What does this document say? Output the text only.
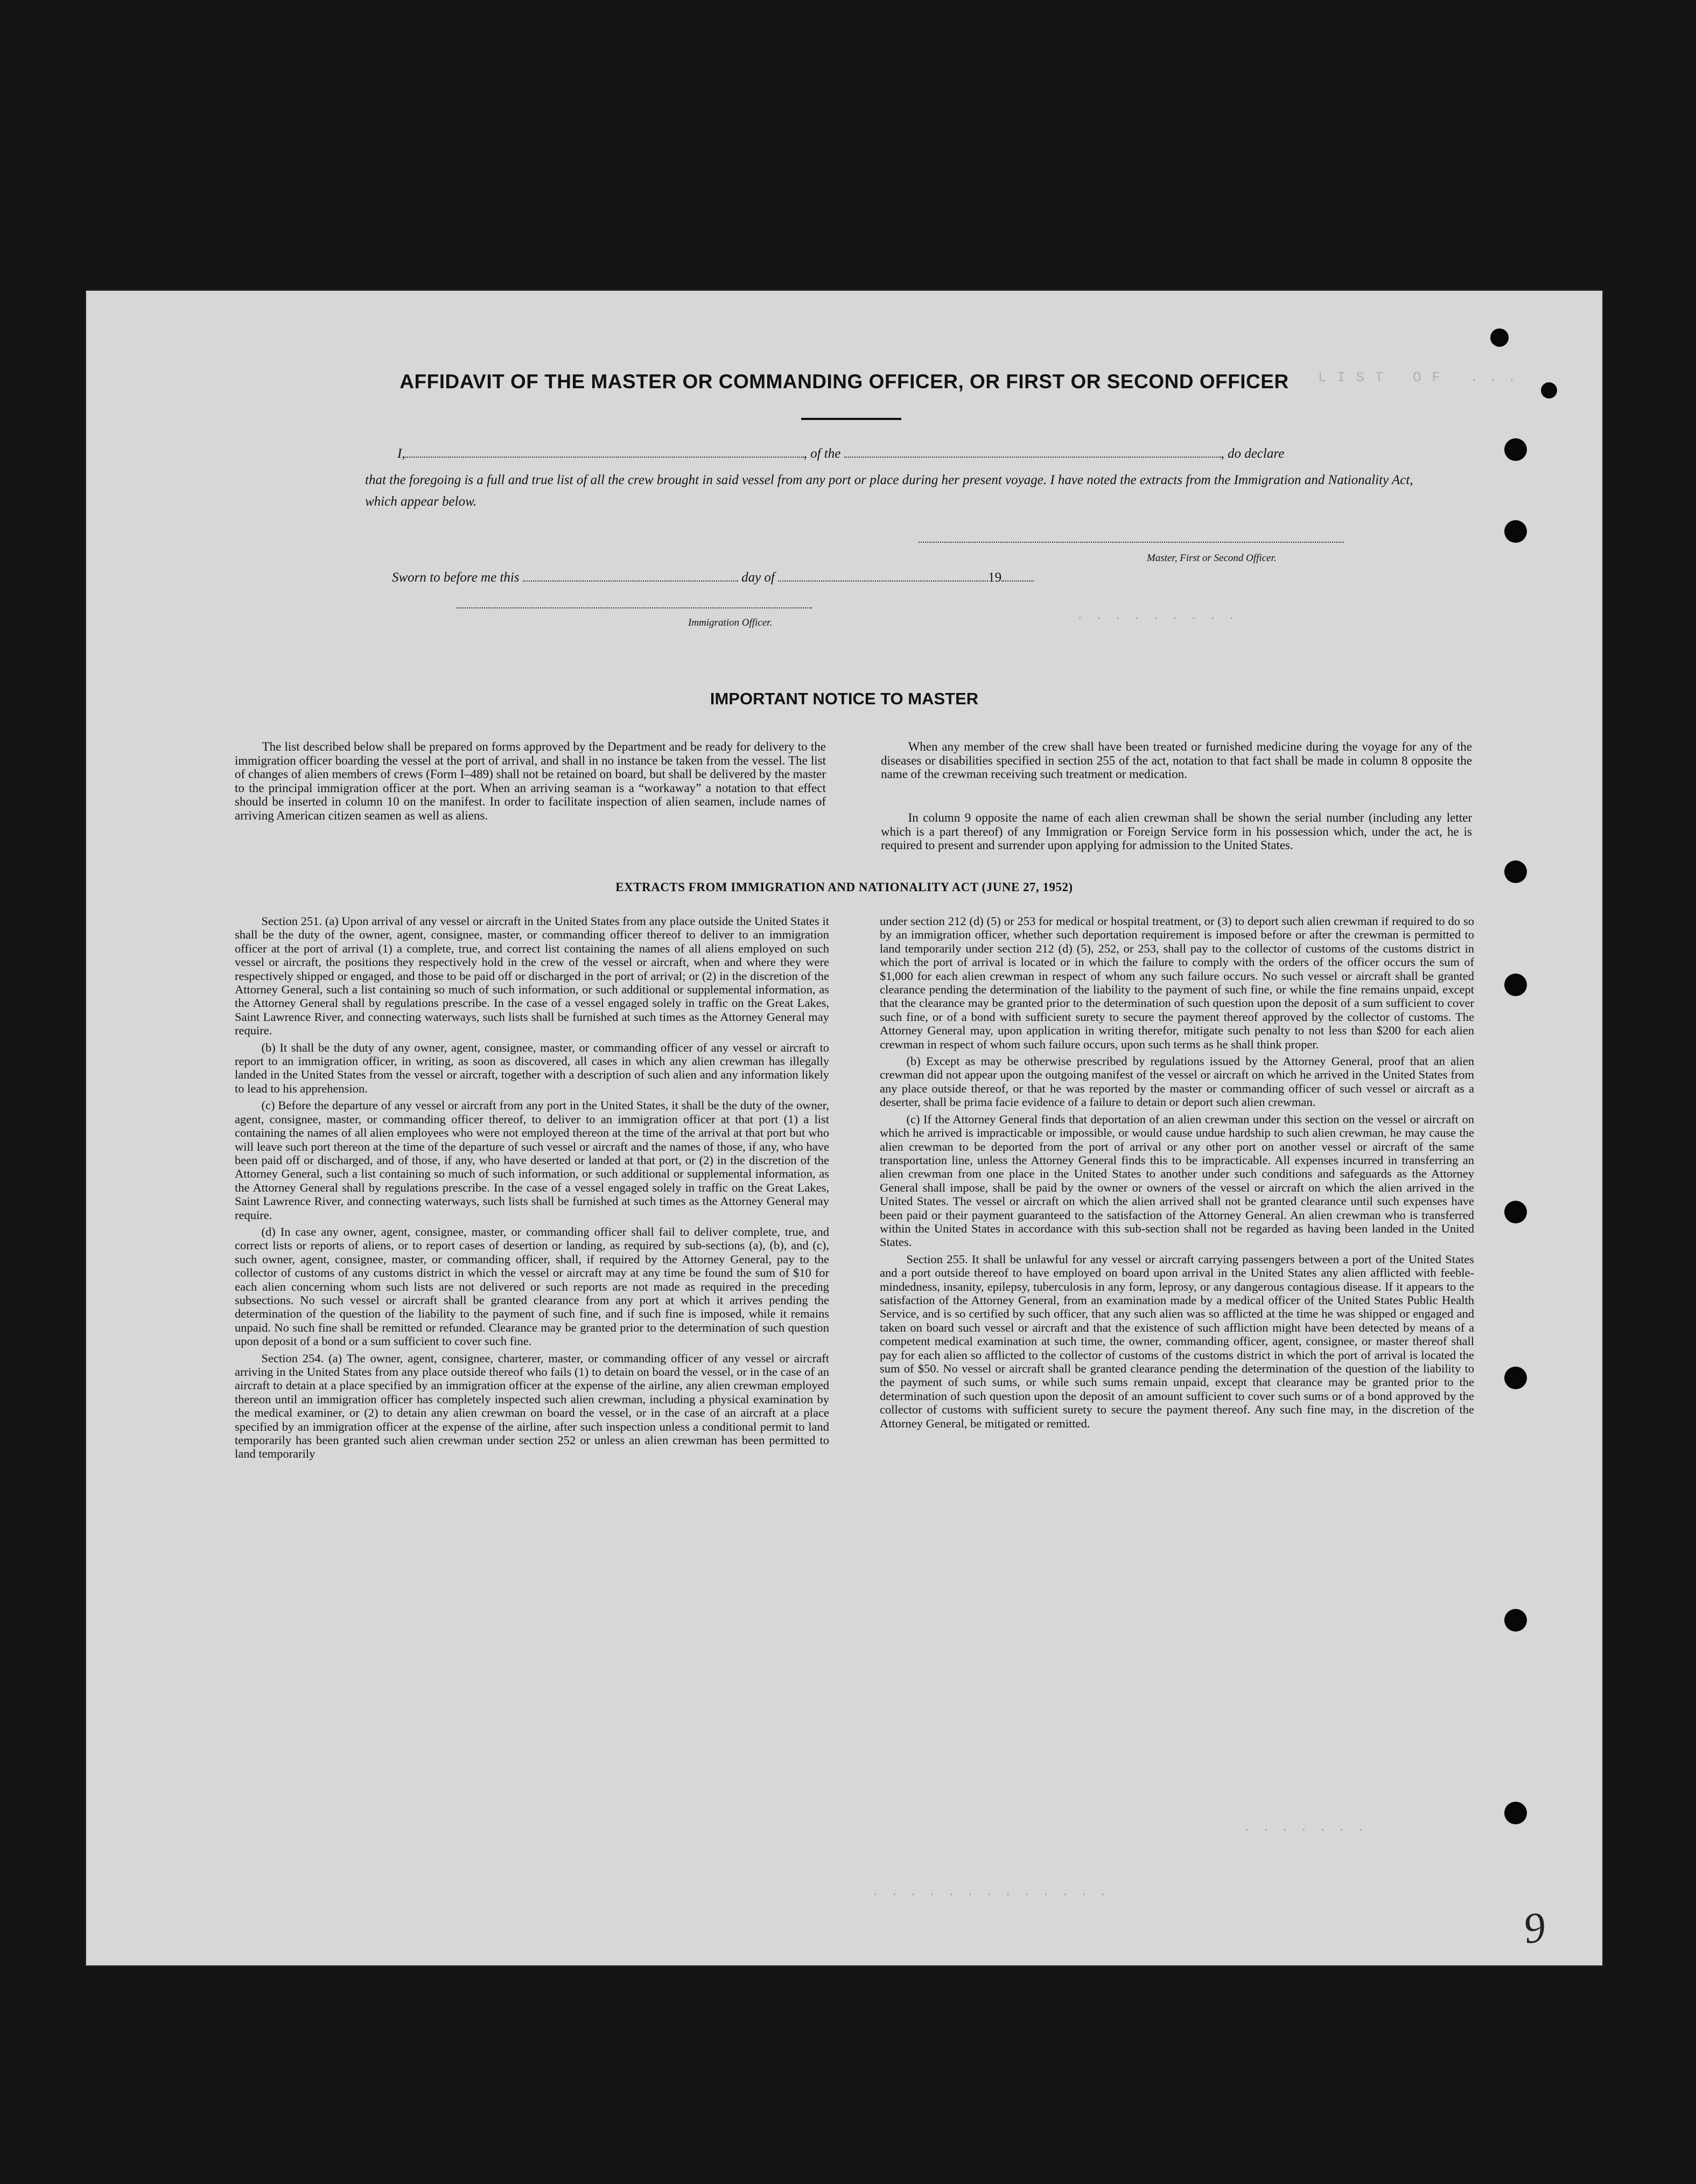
L I S T   O F   . . .
. . . . . . . . .
. . . . . . .
. . . . . . . . . . . . .
AFFIDAVIT OF THE MASTER OR COMMANDING OFFICER, OR FIRST OR SECOND OFFICER
I,	, of the	, do declare
that the foregoing is a full and true list of all the crew brought in said vessel from any port or place during her present voyage. I have noted the extracts from the Immigration and Nationality Act, which appear below.
Master, First or Second Officer.
Sworn to before me this	day of	19
Immigration Officer.
IMPORTANT NOTICE TO MASTER

The list described below shall be prepared on forms approved by the Department and be ready for delivery to the immigration officer boarding the vessel at the port of arrival, and shall in no instance be taken from the vessel. The list of changes of alien members of crews (Form I–489) shall not be retained on board, but shall be delivered by the master to the principal immigration officer at the port. When an arriving seaman is a “workaway” a notation to that effect should be inserted in column 10 on the manifest. In order to facilitate inspection of alien seamen, include names of arriving American citizen seamen as well as aliens.

When any member of the crew shall have been treated or furnished medicine during the voyage for any of the diseases or disabilities specified in section 255 of the act, notation to that fact shall be made in column 8 opposite the name of the crewman receiving such treatment or medication.

In column 9 opposite the name of each alien crewman shall be shown the serial number (including any letter which is a part thereof) of any Immigration or Foreign Service form in his possession which, under the act, he is required to present and surrender upon applying for admission to the United States.

EXTRACTS FROM IMMIGRATION AND NATIONALITY ACT (JUNE 27, 1952)

Section 251. (a) Upon arrival of any vessel or aircraft in the United States from any place outside the United States it shall be the duty of the owner, agent, consignee, master, or commanding officer thereof to deliver to an immigration officer at the port of arrival (1) a complete, true, and correct list containing the names of all aliens employed on such vessel or aircraft, the positions they respectively hold in the crew of the vessel or aircraft, when and where they were respectively shipped or engaged, and those to be paid off or discharged in the port of arrival; or (2) in the discretion of the Attorney General, such a list containing so much of such information, or such additional or supplemental information, as the Attorney General shall by regulations prescribe. In the case of a vessel engaged solely in traffic on the Great Lakes, Saint Lawrence River, and connecting waterways, such lists shall be furnished at such times as the Attorney General may require.

(b) It shall be the duty of any owner, agent, consignee, master, or commanding officer of any vessel or aircraft to report to an immigration officer, in writing, as soon as discovered, all cases in which any alien crewman has illegally landed in the United States from the vessel or aircraft, together with a description of such alien and any information likely to lead to his apprehension.

(c) Before the departure of any vessel or aircraft from any port in the United States, it shall be the duty of the owner, agent, consignee, master, or commanding officer thereof, to deliver to an immigration officer at that port (1) a list containing the names of all alien employees who were not employed thereon at the time of the arrival at that port but who will leave such port thereon at the time of the departure of such vessel or aircraft and the names of those, if any, who have been paid off or discharged, and of those, if any, who have deserted or landed at that port, or (2) in the discretion of the Attorney General, such a list containing so much of such information, or such additional or supplemental information, as the Attorney General shall by regulations prescribe. In the case of a vessel engaged solely in traffic on the Great Lakes, Saint Lawrence River, and connecting waterways, such lists shall be furnished at such times as the Attorney General may require.

(d) In case any owner, agent, consignee, master, or commanding officer shall fail to deliver complete, true, and correct lists or reports of aliens, or to report cases of desertion or landing, as required by sub-sections (a), (b), and (c), such owner, agent, consignee, master, or commanding officer, shall, if required by the Attorney General, pay to the collector of customs of any customs district in which the vessel or aircraft may at any time be found the sum of $10 for each alien concerning whom such lists are not delivered or such reports are not made as required in the preceding subsections. No such vessel or aircraft shall be granted clearance from any port at which it arrives pending the determination of the question of the liability to the payment of such fine, and if such fine is imposed, while it remains unpaid. No such fine shall be remitted or refunded. Clearance may be granted prior to the determination of such question upon deposit of a bond or a sum sufficient to cover such fine.

Section 254. (a) The owner, agent, consignee, charterer, master, or commanding officer of any vessel or aircraft arriving in the United States from any place outside thereof who fails (1) to detain on board the vessel, or in the case of an aircraft to detain at a place specified by an immigration officer at the expense of the airline, any alien crewman employed thereon until an immigration officer has completely inspected such alien crewman, including a physical examination by the medical examiner, or (2) to detain any alien crewman on board the vessel, or in the case of an aircraft at a place specified by an immigration officer at the expense of the airline, after such inspection unless a conditional permit to land temporarily has been granted such alien crewman under section 252 or unless an alien crewman has been permitted to land temporarily

under section 212 (d) (5) or 253 for medical or hospital treatment, or (3) to deport such alien crewman if required to do so by an immigration officer, whether such deportation requirement is imposed before or after the crewman is permitted to land temporarily under section 212 (d) (5), 252, or 253, shall pay to the collector of customs of the customs district in which the port of arrival is located or in which the failure to comply with the orders of the officer occurs the sum of $1,000 for each alien crewman in respect of whom any such failure occurs. No such vessel or aircraft shall be granted clearance pending the determination of the liability to the payment of such fine, or while the fine remains unpaid, except that the clearance may be granted prior to the determination of such question upon the deposit of a sum sufficient to cover such fine, or of a bond with sufficient surety to secure the payment thereof approved by the collector of customs. The Attorney General may, upon application in writing therefor, mitigate such penalty to not less than $200 for each alien crewman in respect of whom such failure occurs, upon such terms as he shall think proper.

(b) Except as may be otherwise prescribed by regulations issued by the Attorney General, proof that an alien crewman did not appear upon the outgoing manifest of the vessel or aircraft on which he arrived in the United States from any place outside thereof, or that he was reported by the master or commanding officer of such vessel or aircraft as a deserter, shall be prima facie evidence of a failure to detain or deport such alien crewman.

(c) If the Attorney General finds that deportation of an alien crewman under this section on the vessel or aircraft on which he arrived is impracticable or impossible, or would cause undue hardship to such alien crewman, he may cause the alien crewman to be deported from the port of arrival or any other port on another vessel or aircraft of the same transportation line, unless the Attorney General finds this to be impracticable. All expenses incurred in transferring an alien crewman from one place in the United States to another under such conditions and safeguards as the Attorney General shall impose, shall be paid by the owner or owners of the vessel or aircraft on which the alien arrived in the United States. The vessel or aircraft on which the alien arrived shall not be granted clearance until such expenses have been paid or their payment guaranteed to the satisfaction of the Attorney General. An alien crewman who is transferred within the United States in accordance with this sub-section shall not be regarded as having been landed in the United States.

Section 255. It shall be unlawful for any vessel or aircraft carrying passengers between a port of the United States and a port outside thereof to have employed on board upon arrival in the United States any alien afflicted with feeble-mindedness, insanity, epilepsy, tuberculosis in any form, leprosy, or any dangerous contagious disease. If it appears to the satisfaction of the Attorney General, from an examination made by a medical officer of the United States Public Health Service, and is so certified by such officer, that any such alien was so afflicted at the time he was shipped or engaged and taken on board such vessel or aircraft and that the existence of such affliction might have been detected by means of a competent medical examination at such time, the owner, commanding officer, agent, consignee, or master thereof shall pay for each alien so afflicted to the collector of customs of the customs district in which the port of arrival is located the sum of $50. No vessel or aircraft shall be granted clearance pending the determination of the question of the liability to the payment of such sums, or while such sums remain unpaid, except that clearance may be granted prior to the determination of such question upon the deposit of an amount sufficient to cover such sums or of a bond approved by the collector of customs with sufficient surety to secure the payment thereof. Any such fine may, in the discretion of the Attorney General, be mitigated or remitted.

9
